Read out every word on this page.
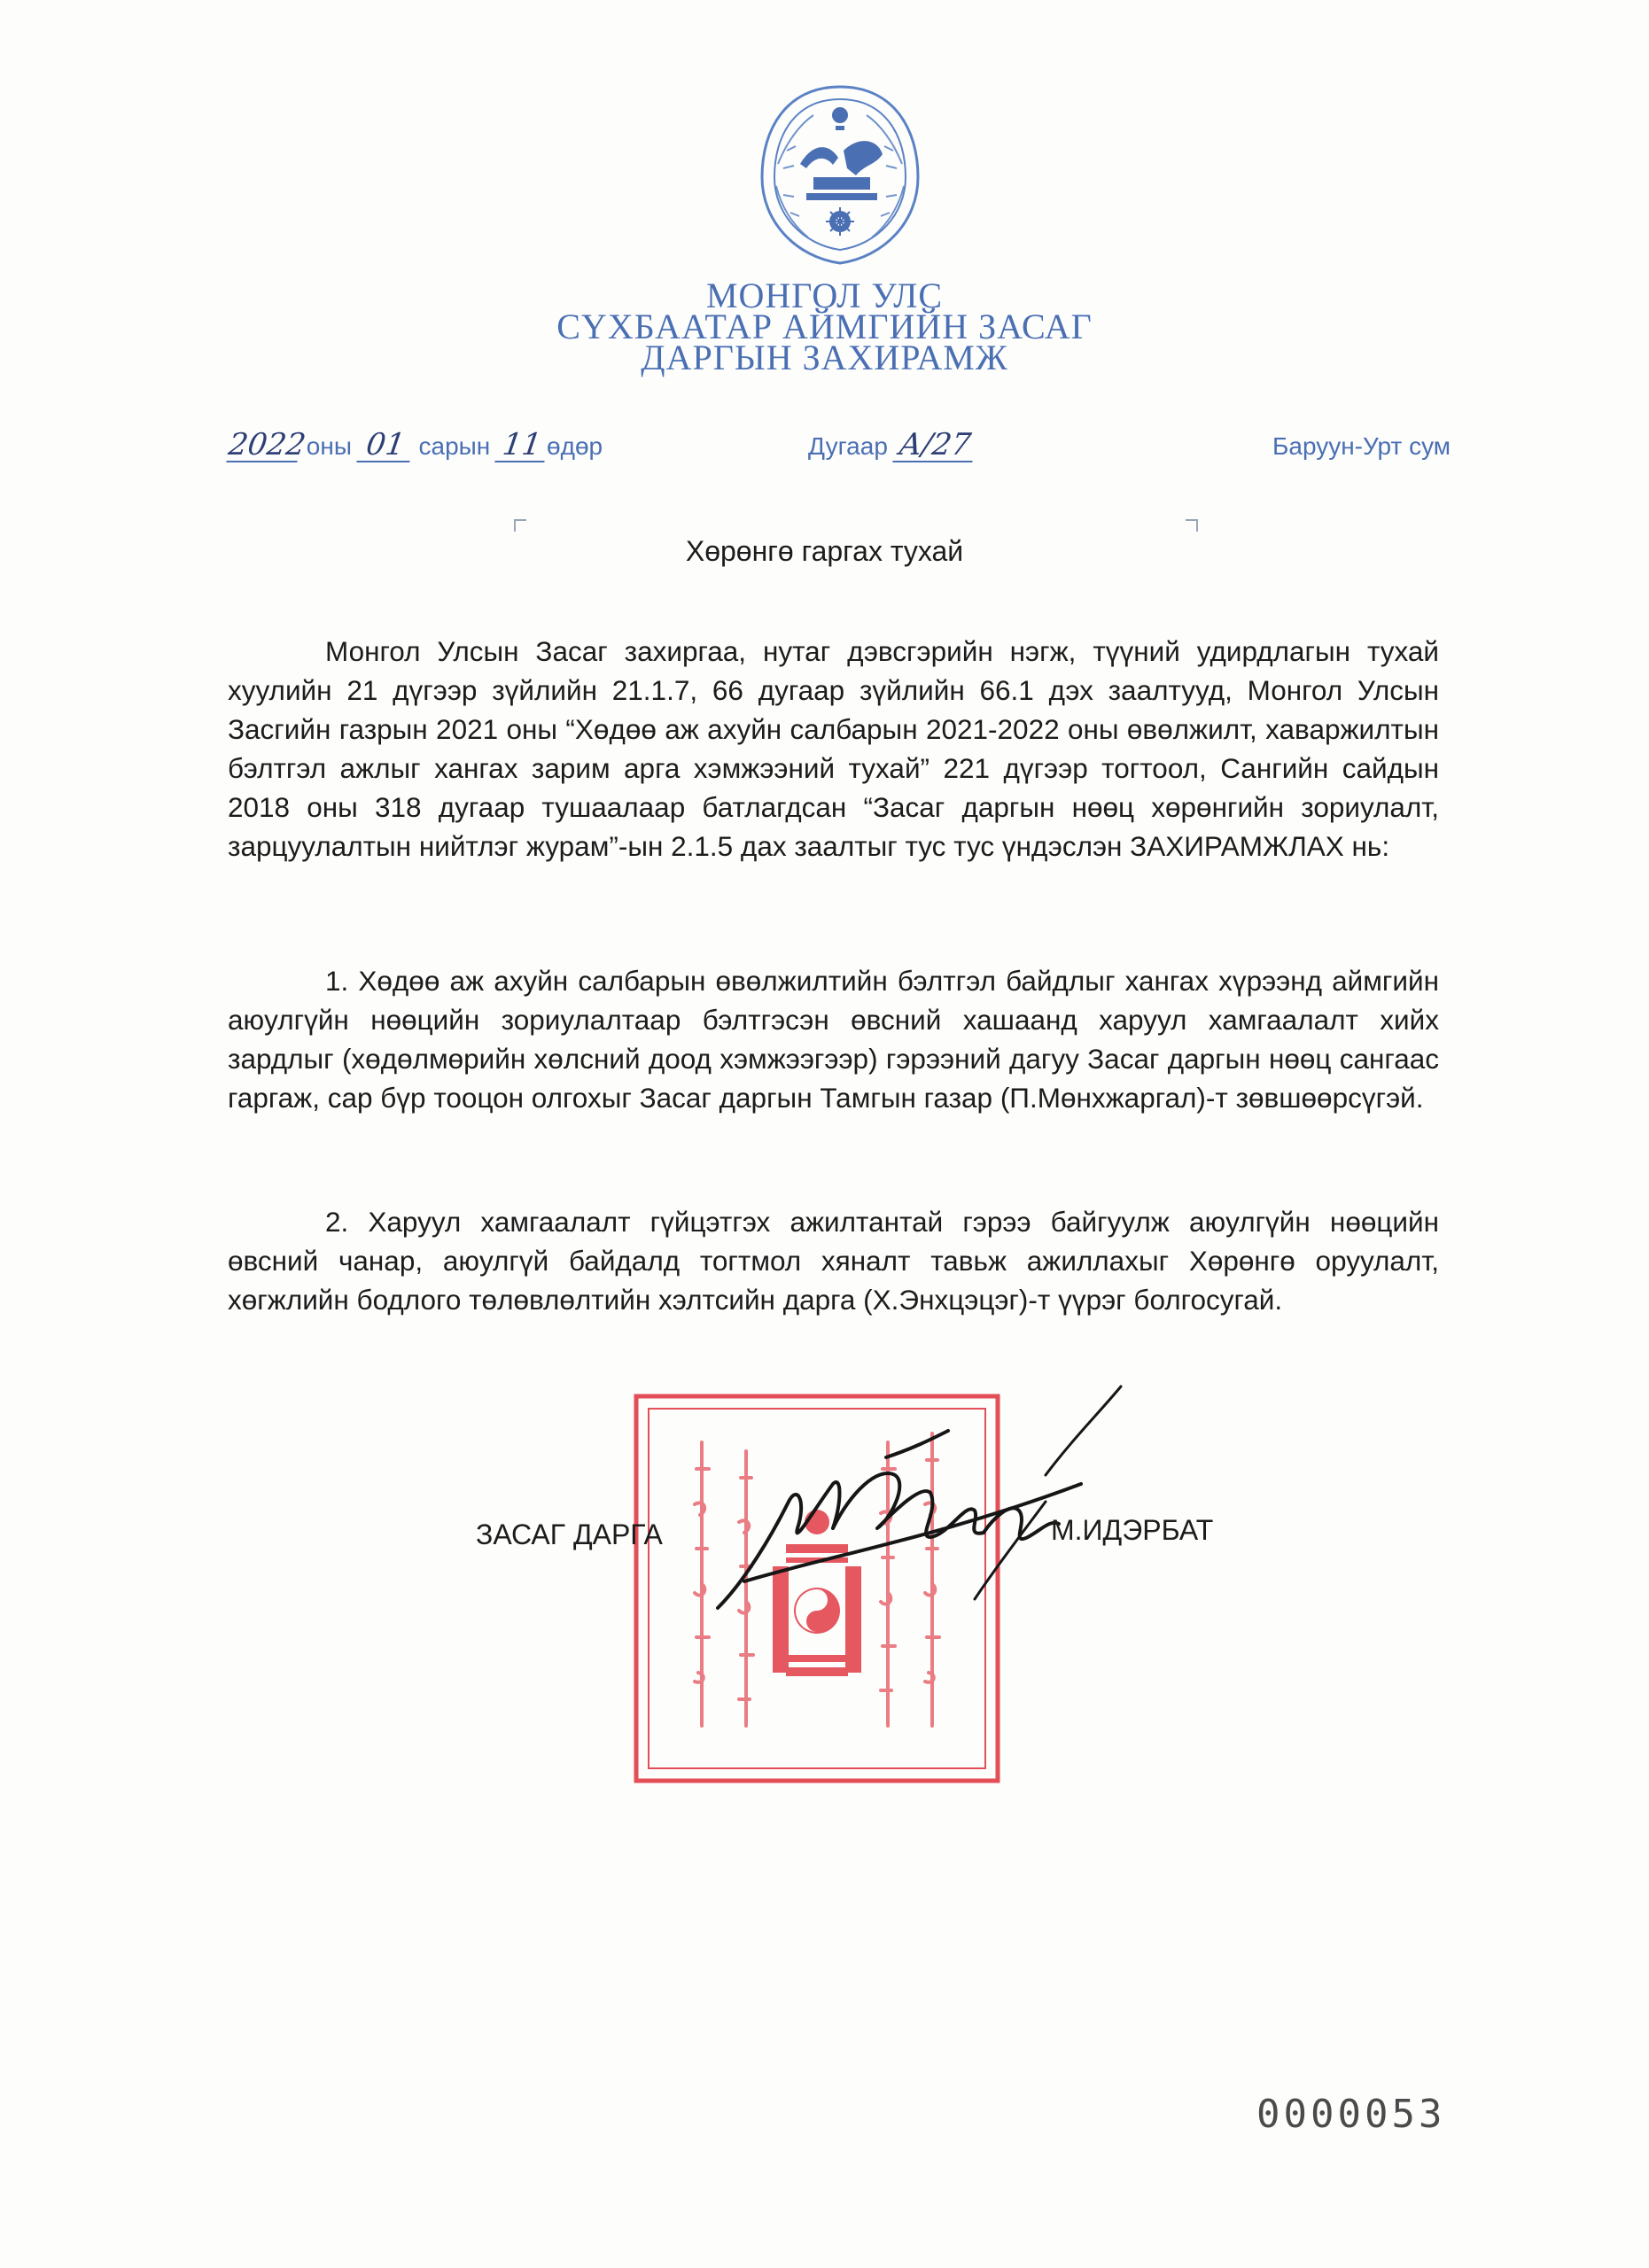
МОНГОЛ УЛС
СҮХБААТАР АЙМГИЙН ЗАСАГ
ДАРГЫН ЗАХИРАМЖ
2022 оны 01 сарын 11 өдөр	Дугаар А/27	Баруун-Урт сум
Хөрөнгө гаргах тухай

Монгол Улсын Засаг захиргаа, нутаг дэвсгэрийн нэгж, түүний удирдлагын тухай хуулийн 21 дүгээр зүйлийн 21.1.7, 66 дугаар зүйлийн 66.1 дэх заалтууд, Монгол Улсын Засгийн газрын 2021 оны “Хөдөө аж ахуйн салбарын 2021-2022 оны өвөлжилт, хаваржилтын бэлтгэл ажлыг хангах зарим арга хэмжээний тухай” 221 дүгээр тогтоол, Сангийн сайдын 2018 оны 318 дугаар тушаалаар батлагдсан “Засаг даргын нөөц хөрөнгийн зориулалт, зарцуулалтын нийтлэг журам”-ын 2.1.5 дах заалтыг тус тус үндэслэн ЗАХИРАМЖЛАХ нь:

1. Хөдөө аж ахуйн салбарын өвөлжилтийн бэлтгэл байдлыг хангах хүрээнд аймгийн аюулгүйн нөөцийн зориулалтаар бэлтгэсэн өвсний хашаанд харуул хамгаалалт хийх зардлыг (хөдөлмөрийн хөлсний доод хэмжээгээр) гэрээний дагуу Засаг даргын нөөц сангаас гаргаж, сар бүр тооцон олгохыг Засаг даргын Тамгын газар (П.Мөнхжаргал)-т зөвшөөрсүгэй.

2. Харуул хамгаалалт гүйцэтгэх ажилтантай гэрээ байгуулж аюулгүйн нөөцийн өвсний чанар, аюулгүй байдалд тогтмол хяналт тавьж ажиллахыг Хөрөнгө оруулалт, хөгжлийн бодлого төлөвлөлтийн хэлтсийн дарга (Х.Энхцэцэг)-т үүрэг болгосугай.

ЗАСАГ ДАРГА	М.ИДЭРБАТ
0000053
